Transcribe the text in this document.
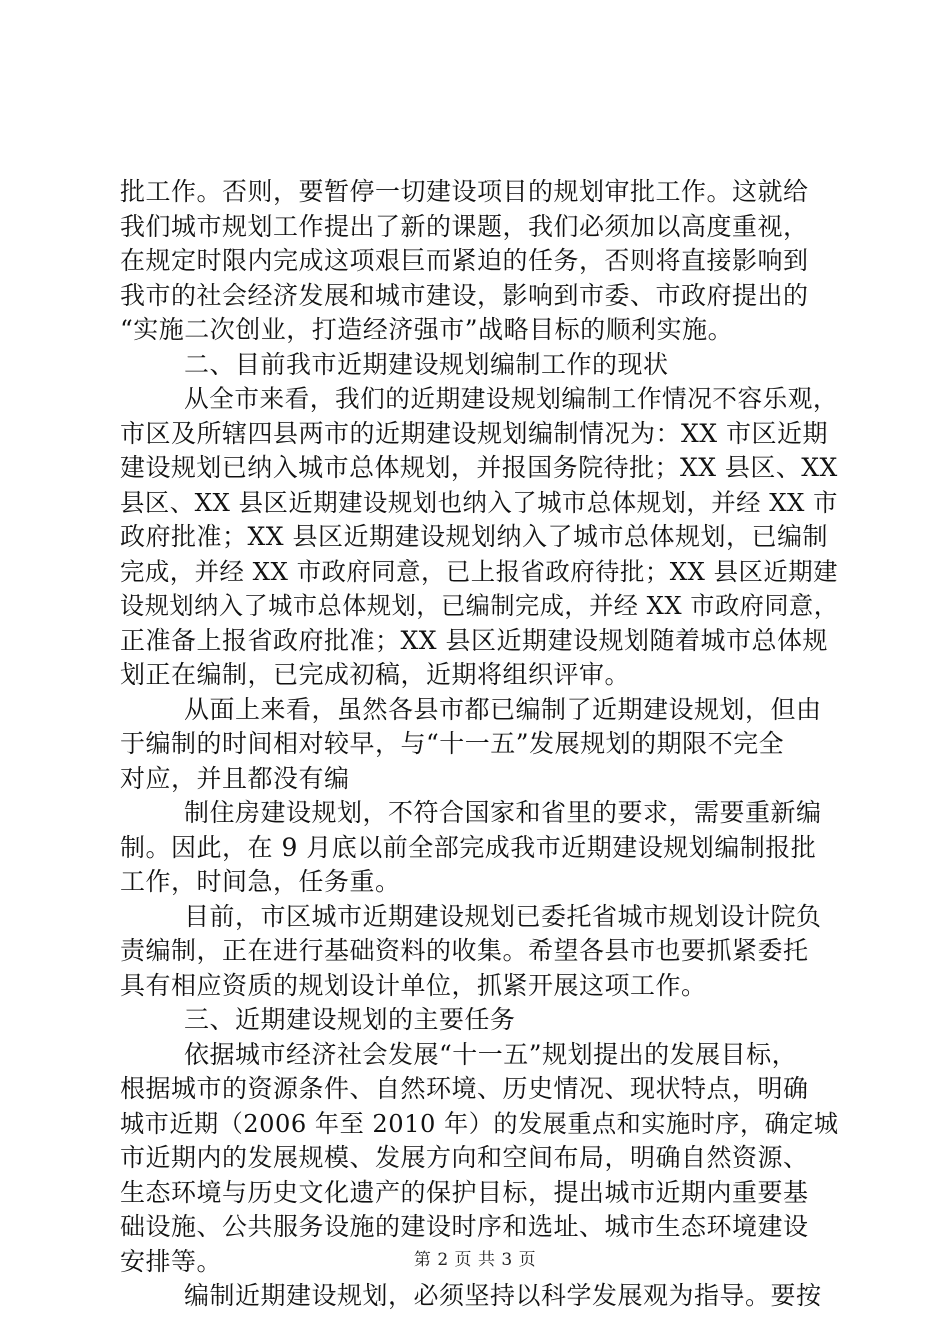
批工作。否则，要暂停一切建设项目的规划审批工作。这就给
我们城市规划工作提出了新的课题，我们必须加以高度重视，
在规定时限内完成这项艰巨而紧迫的任务，否则将直接影响到
我市的社会经济发展和城市建设，影响到市委、市政府提出的
“实施二次创业，打造经济强市”战略目标的顺利实施。
二、目前我市近期建设规划编制工作的现状
从全市来看，我们的近期建设规划编制工作情况不容乐观，
市区及所辖四县两市的近期建设规划编制情况为：XX 市区近期
建设规划已纳入城市总体规划，并报国务院待批；XX 县区、XX
县区、XX 县区近期建设规划也纳入了城市总体规划，并经 XX 市
政府批准；XX 县区近期建设规划纳入了城市总体规划，已编制
完成，并经 XX 市政府同意，已上报省政府待批；XX 县区近期建
设规划纳入了城市总体规划，已编制完成，并经 XX 市政府同意，
正准备上报省政府批准；XX 县区近期建设规划随着城市总体规
划正在编制，已完成初稿，近期将组织评审。
从面上来看，虽然各县市都已编制了近期建设规划，但由
于编制的时间相对较早，与“十一五”发展规划的期限不完全
对应，并且都没有编
制住房建设规划，不符合国家和省里的要求，需要重新编
制。因此，在 9 月底以前全部完成我市近期建设规划编制报批
工作，时间急，任务重。
目前，市区城市近期建设规划已委托省城市规划设计院负
责编制，正在进行基础资料的收集。希望各县市也要抓紧委托
具有相应资质的规划设计单位，抓紧开展这项工作。
三、近期建设规划的主要任务
依据城市经济社会发展“十一五”规划提出的发展目标，
根据城市的资源条件、自然环境、历史情况、现状特点，明确
城市近期（2006 年至 2010 年）的发展重点和实施时序，确定城
市近期内的发展规模、发展方向和空间布局，明确自然资源、
生态环境与历史文化遗产的保护目标，提出城市近期内重要基
础设施、公共服务设施的建设时序和选址、城市生态环境建设
安排等。
编制近期建设规划，必须坚持以科学发展观为指导。要按
第 2 页 共 3 页
